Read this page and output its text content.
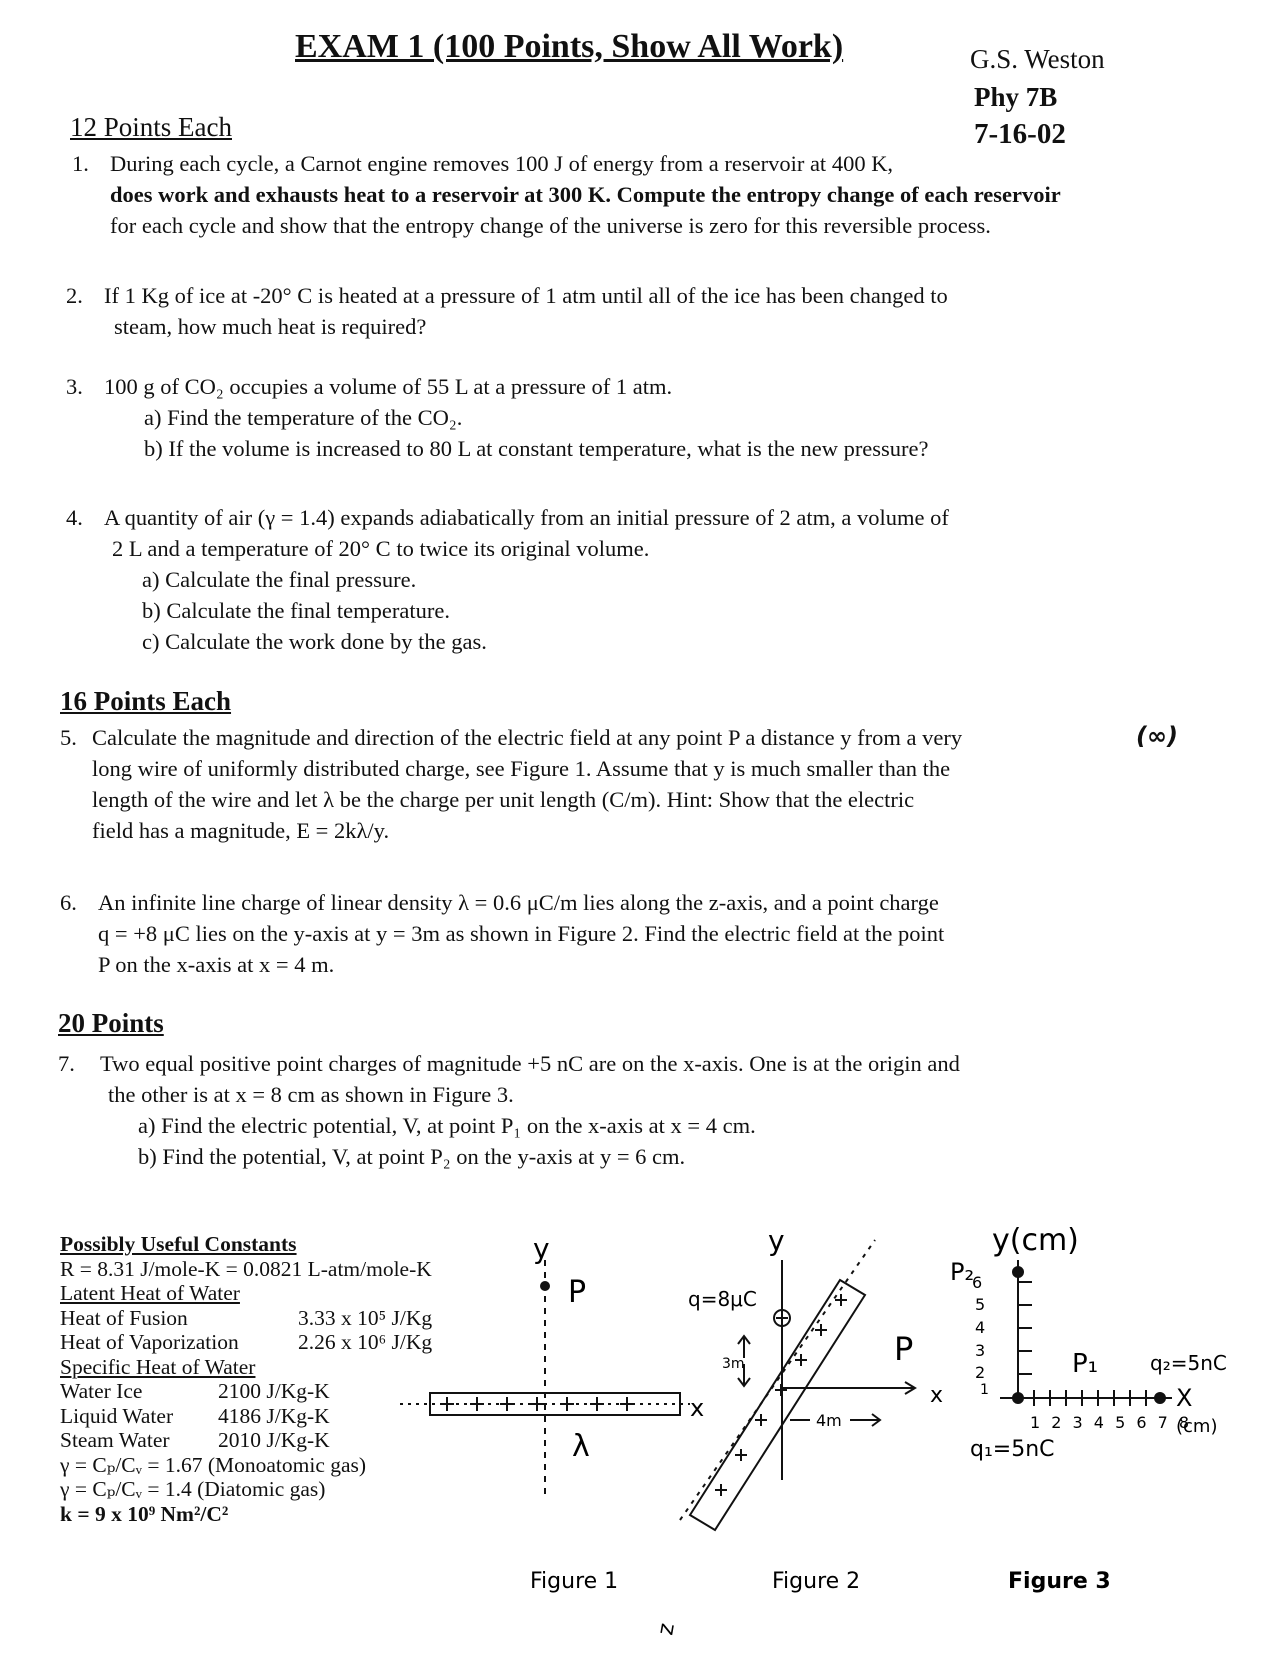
EXAM 1 (100 Points, Show All Work)	G.S. Weston
Phy 7B
7-16-02
12 Points Each
1. During each cycle, a Carnot engine removes 100 J of energy from a reservoir at 400 K,
does work and exhausts heat to a reservoir at 300 K. Compute the entropy change of each reservoir
for each cycle and show that the entropy change of the universe is zero for this reversible process.
2. If 1 Kg of ice at -20° C is heated at a pressure of 1 atm until all of the ice has been changed to
steam, how much heat is required?
3. 100 g of CO₂ occupies a volume of 55 L at a pressure of 1 atm.
a) Find the temperature of the CO₂.
b) If the volume is increased to 80 L at constant temperature, what is the new pressure?
4. A quantity of air (γ = 1.4) expands adiabatically from an initial pressure of 2 atm, a volume of
2 L and a temperature of 20° C to twice its original volume.
a) Calculate the final pressure.
b) Calculate the final temperature.
c) Calculate the work done by the gas.
16 Points Each
5. Calculate the magnitude and direction of the electric field at any point P a distance y from a very
long wire of uniformly distributed charge, see Figure 1. Assume that y is much smaller than the
length of the wire and let λ be the charge per unit length (C/m). Hint: Show that the electric
field has a magnitude, E = 2kλ/y.
(∞)
6. An infinite line charge of linear density λ = 0.6 μC/m lies along the z-axis, and a point charge
q = +8 μC lies on the y-axis at y = 3m as shown in Figure 2. Find the electric field at the point
P on the x-axis at x = 4 m.
20 Points
7. Two equal positive point charges of magnitude +5 nC are on the x-axis. One is at the origin and
the other is at x = 8 cm as shown in Figure 3.
a) Find the electric potential, V, at point P₁ on the x-axis at x = 4 cm.
b) Find the potential, V, at point P₂ on the y-axis at y = 6 cm.
Possibly Useful Constants
R = 8.31 J/mole-K = 0.0821 L-atm/mole-K
Latent Heat of Water
Heat of Fusion	3.33 x 10⁵ J/Kg
Heat of Vaporization	2.26 x 10⁶ J/Kg
Specific Heat of Water
Water Ice	2100 J/Kg-K
Liquid Water 4186 J/Kg-K
Steam Water 2010 J/Kg-K
γ = Cₚ/Cᵥ = 1.67 (Monoatomic gas)
γ = Cₚ/Cᵥ = 1.4 (Diatomic gas)
k = 9 x 10⁹ Nm²/C²
y
P
x
λ
Figure 1
y
q=8μC
3m
4m
P
x
z
Figure 2
y(cm)
P₂
6
5
4
3
2
1
P₁	q₂=5nC
X
1 2 3 4 5 6 7 8
(cm)
q₁=5nC
Figure 3
